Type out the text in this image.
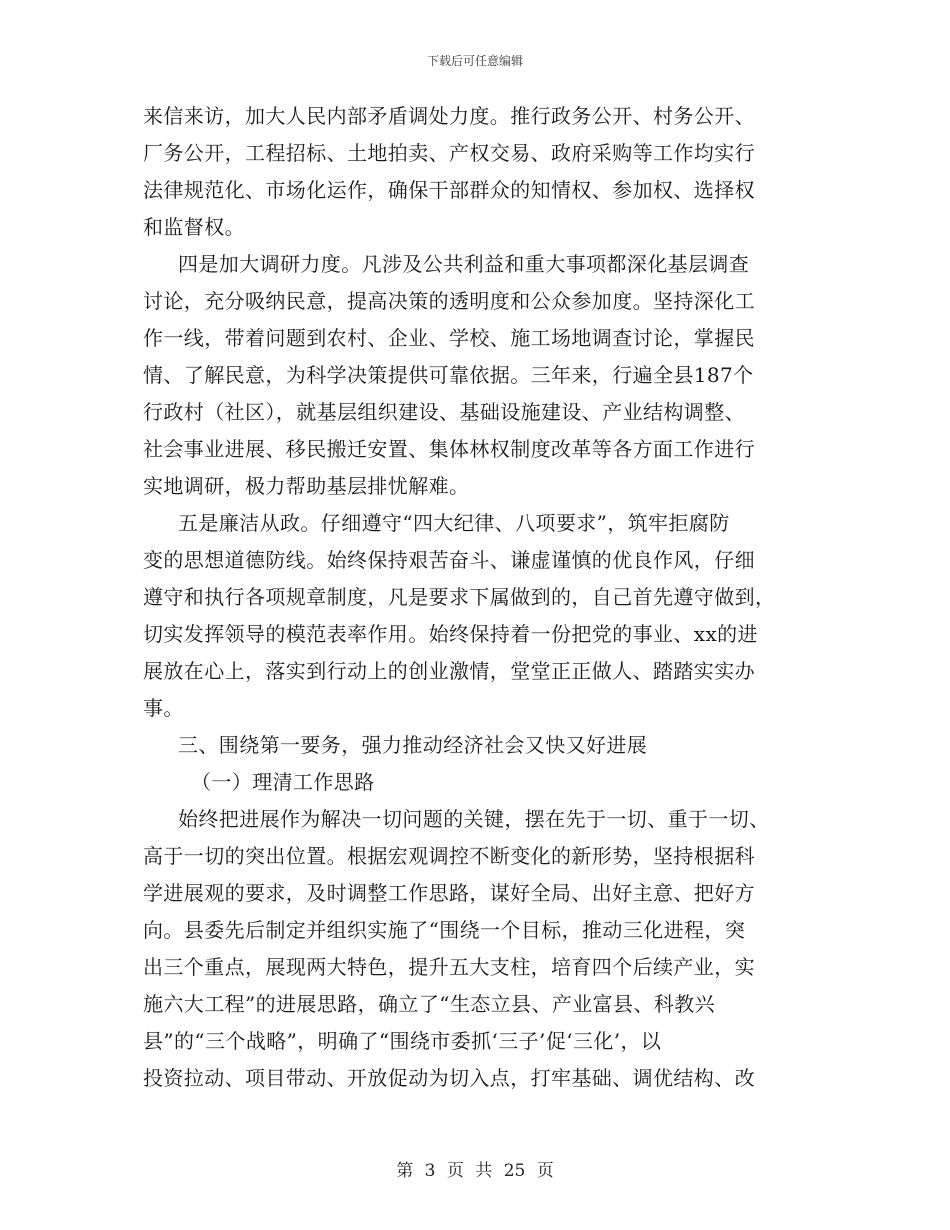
下载后可任意编辑
来信来访，加大人民内部矛盾调处力度。推行政务公开、村务公开、
厂务公开，工程招标、土地拍卖、产权交易、政府采购等工作均实行
法律规范化、市场化运作，确保干部群众的知情权、参加权、选择权
和监督权。
四是加大调研力度。凡涉及公共利益和重大事项都深化基层调查
讨论，充分吸纳民意，提高决策的透明度和公众参加度。坚持深化工
作一线，带着问题到农村、企业、学校、施工场地调查讨论，掌握民
情、了解民意，为科学决策提供可靠依据。三年来，行遍全县187个
行政村（社区），就基层组织建设、基础设施建设、产业结构调整、
社会事业进展、移民搬迁安置、集体林权制度改革等各方面工作进行
实地调研，极力帮助基层排忧解难。
五是廉洁从政。仔细遵守“四大纪律、八项要求”，筑牢拒腐防
变的思想道德防线。始终保持艰苦奋斗、谦虚谨慎的优良作风，仔细
遵守和执行各项规章制度，凡是要求下属做到的，自己首先遵守做到，
切实发挥领导的模范表率作用。始终保持着一份把党的事业、xx的进
展放在心上，落实到行动上的创业激情，堂堂正正做人、踏踏实实办
事。
三、围绕第一要务，强力推动经济社会又快又好进展
（一）理清工作思路
始终把进展作为解决一切问题的关键，摆在先于一切、重于一切、
高于一切的突出位置。根据宏观调控不断变化的新形势，坚持根据科
学进展观的要求，及时调整工作思路，谋好全局、出好主意、把好方
向。县委先后制定并组织实施了“围绕一个目标，推动三化进程，突
出三个重点，展现两大特色，提升五大支柱，培育四个后续产业，实
施六大工程”的进展思路，确立了“生态立县、产业富县、科教兴
县”的“三个战略”，明确了“围绕市委抓‘三子’促‘三化’，以
投资拉动、项目带动、开放促动为切入点，打牢基础、调优结构、改
第 3 页 共 25 页
